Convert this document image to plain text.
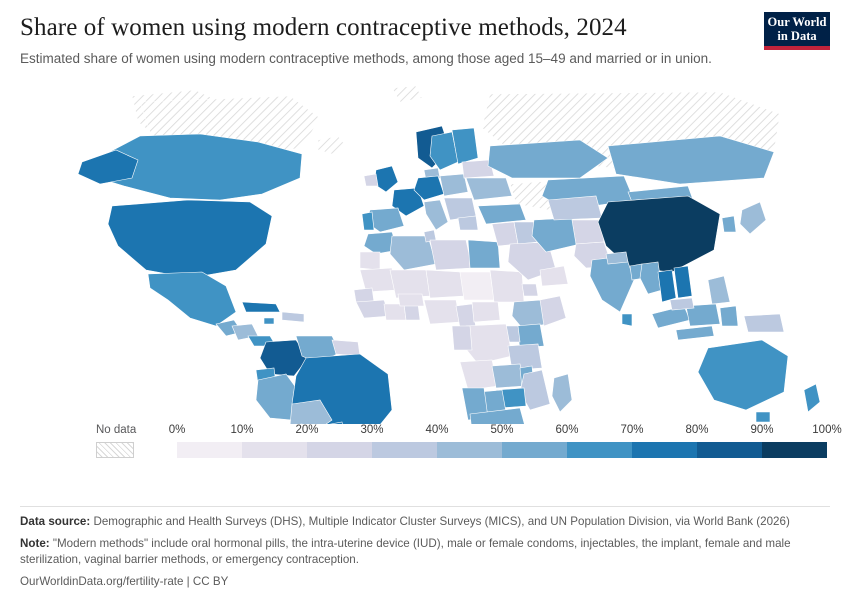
Share of women using modern contraceptive methods, 2024

Estimated share of women using modern contraceptive methods, among those aged 15–49 and married or in union.

Our World
in Data
No data	0%	10%	20%	30%	40%	50%	60%	70%	80%	90%	100%
Data source: Demographic and Health Surveys (DHS), Multiple Indicator Cluster Surveys (MICS), and UN Population Division, via World Bank (2026)
Note: "Modern methods" include oral hormonal pills, the intra-uterine device (IUD), male or female condoms, injectables, the implant, female and male sterilization, vaginal barrier methods, or emergency contraception.
OurWorldinData.org/fertility-rate | CC BY
